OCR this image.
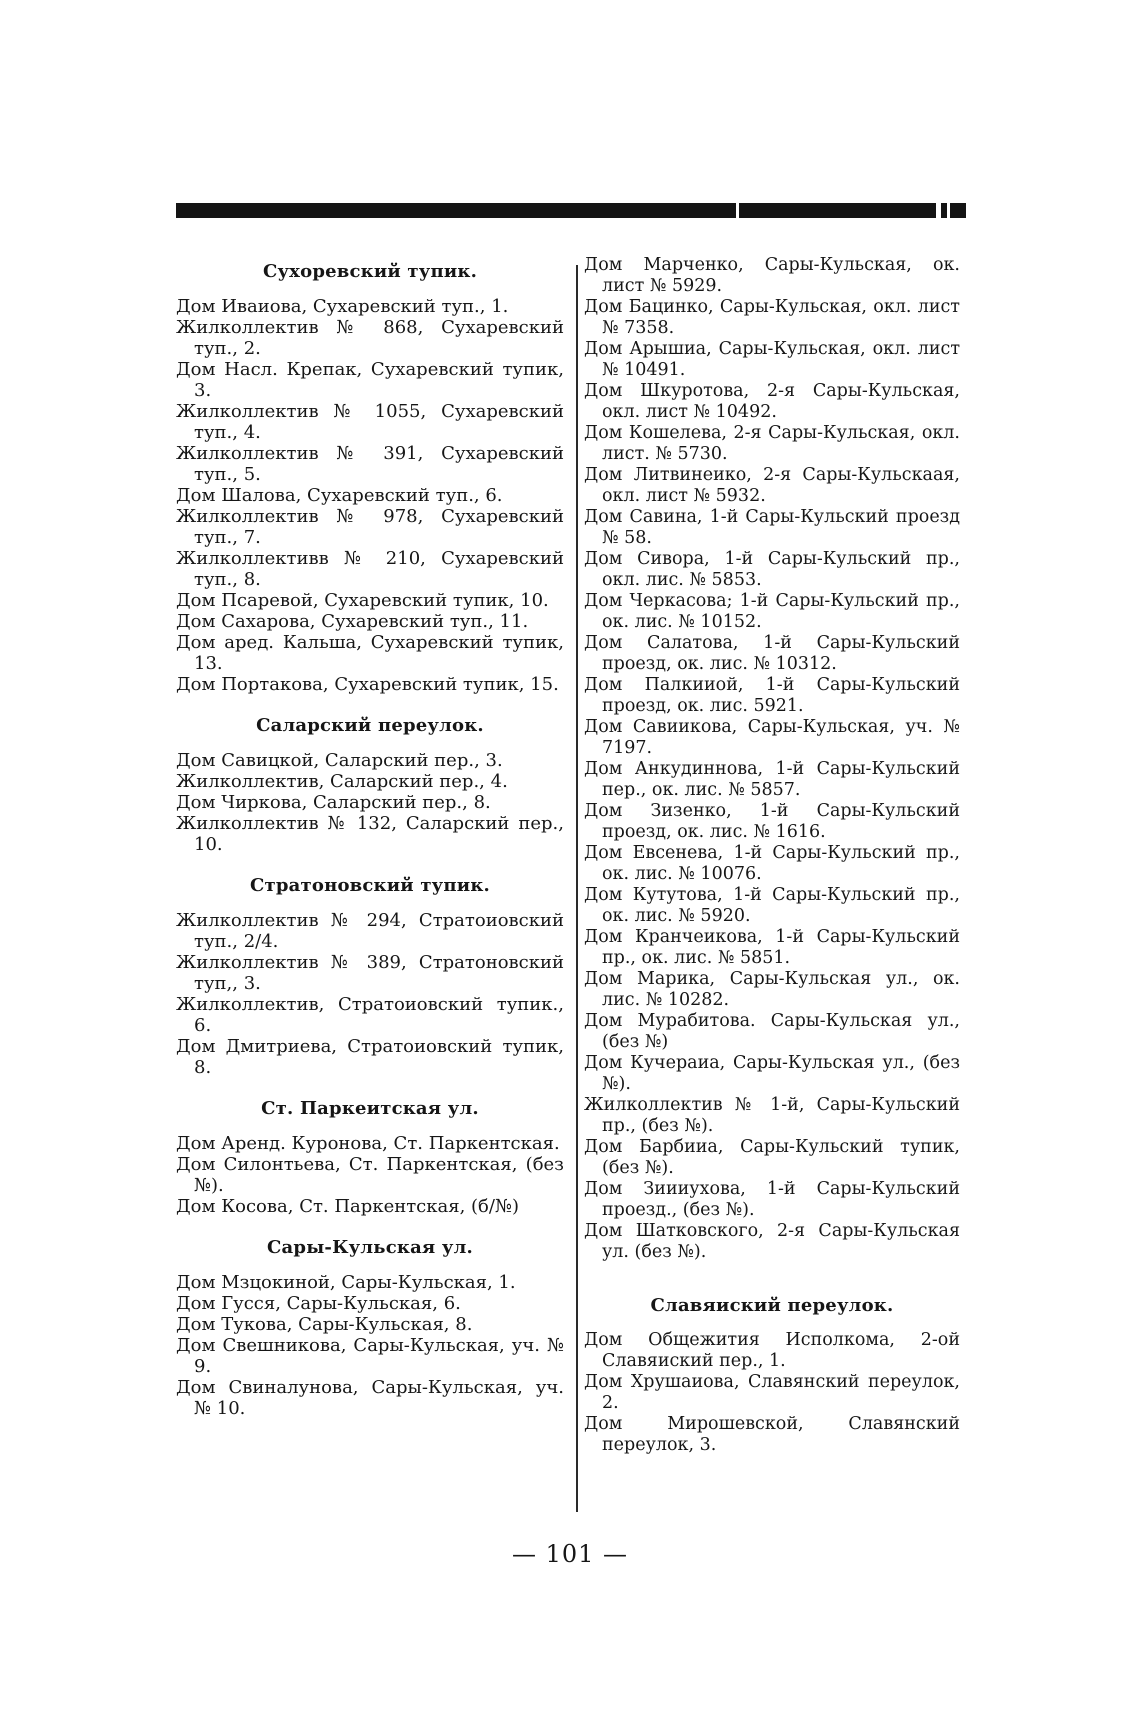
Сухоревский тупик.
Дом Иваиова, Сухаревский туп., 1.
Жилколлектив № 868, Сухаревский туп., 2.
Дом Насл. Крепак, Сухаревский тупик, 3.
Жилколлектив № 1055, Сухаревский туп., 4.
Жилколлектив № 391, Сухаревский туп., 5.
Дом Шалова, Сухаревский туп., 6.
Жилколлектив № 978, Сухаревский туп., 7.
Жилколлективв № 210, Сухаревский туп., 8.
Дом Псаревой, Сухаревский тупик, 10.
Дом Сахарова, Сухаревский туп., 11.
Дом аред. Кальша, Сухаревский тупик, 13.
Дом Портакова, Сухаревский тупик, 15.
Саларский переулок.
Дом Савицкой, Саларский пер., 3.
Жилколлектив, Саларский пер., 4.
Дом Чиркова, Саларский пер., 8.
Жилколлектив № 132, Саларский пер., 10.
Стратоновский тупик.
Жилколлектив № 294, Стратоиовский туп., 2/4.
Жилколлектив № 389, Стратоновский туп,, 3.
Жилколлектив, Стратоиовский тупик., 6.
Дом Дмитриева, Стратоиовский тупик, 8.
Ст. Паркеитская ул.
Дом Аренд. Куронова, Ст. Паркентская.
Дом Силонтьева, Ст. Паркентская, (без №).
Дом Косова, Ст. Паркентская, (б/№)
Сары-Кульская ул.
Дом Мзцокиной, Сары-Кульская, 1.
Дом Гусся, Сары-Кульская, 6.
Дом Тукова, Сары-Кульская, 8.
Дом Свешникова, Сары-Кульская, уч. № 9.
Дом Свиналунова, Сары-Кульская, уч. № 10.
Дом Марченко, Сары-Кульская, ок. лист № 5929.
Дом Бацинко, Сары-Кульская, окл. лист № 7358.
Дом Арышиа, Сары-Кульская, окл. лист № 10491.
Дом Шкуротова, 2-я Сары-Кульская, окл. лист № 10492.
Дом Кошелева, 2-я Сары-Кульская, окл. лист. № 5730.
Дом Литвинеико, 2-я Сары-Кульскаая, окл. лист № 5932.
Дом Савина, 1-й Сары-Кульский проезд № 58.
Дом Сивора, 1-й Сары-Кульский пр., окл. лис. № 5853.
Дом Черкасова; 1-й Сары-Кульский пр., ок. лис. № 10152.
Дом Салатова, 1-й Сары-Кульский проезд, ок. лис. № 10312.
Дом Палкииой, 1-й Сары-Кульский проезд, ок. лис. 5921.
Дом Савиикова, Сары-Кульская, уч. № 7197.
Дом Анкудиннова, 1-й Сары-Кульский пер., ок. лис. № 5857.
Дом Зизенко, 1-й Сары-Кульский проезд, ок. лис. № 1616.
Дом Евсенева, 1-й Сары-Кульский пр., ок. лис. № 10076.
Дом Кутутова, 1-й Сары-Кульский пр., ок. лис. № 5920.
Дом Кранчеикова, 1-й Сары-Кульский пр., ок. лис. № 5851.
Дом Марика, Сары-Кульская ул., ок. лис. № 10282.
Дом Мурабитова. Сары-Кульская ул., (без №)
Дом Кучераиа, Сары-Кульская ул., (без №).
Жилколлектив № 1-й, Сары-Кульский пр., (без №).
Дом Барбииа, Сары-Кульский тупик, (без №).
Дом Зиииухова, 1-й Сары-Кульский проезд., (без №).
Дом Шатковского, 2-я Сары-Кульская ул. (без №).
Славяиский переулок.
Дом Общежития Исполкома, 2-ой Славяиский пер., 1.
Дом Хрушаиова, Славянский переулок, 2.
Дом Мирошевской, Славянский переулок, 3.
— 101 —
